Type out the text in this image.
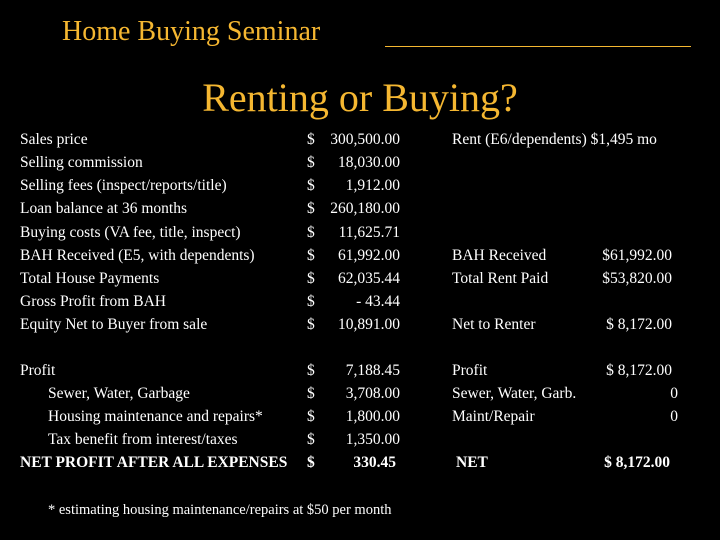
Home Buying Seminar
Renting or Buying?
Sales price
Selling commission
Selling fees (inspect/reports/title)
Loan balance at 36 months
Buying costs (VA fee, title, inspect)
BAH Received (E5, with dependents)
Total House Payments
Gross Profit from BAH
Equity Net to Buyer from sale
Profit
Sewer, Water, Garbage
Housing maintenance and repairs*
Tax benefit from interest/taxes
NET PROFIT AFTER ALL EXPENSES
$
$
$
$
$
$
$
$
$
$
$
$
$
$
300,500.00
18,030.00
1,912.00
260,180.00
11,625.71
61,992.00
62,035.44
- 43.44
10,891.00
7,188.45
3,708.00
1,800.00
1,350.00
330.45
Rent (E6/dependents) $1,495 mo
BAH Received
Total Rent Paid
Net to Renter
Profit
Sewer, Water, Garb.
Maint/Repair
NET
$61,992.00
$53,820.00
$ 8,172.00
$ 8,172.00
0
0
$ 8,172.00
* estimating housing maintenance/repairs at $50 per month
